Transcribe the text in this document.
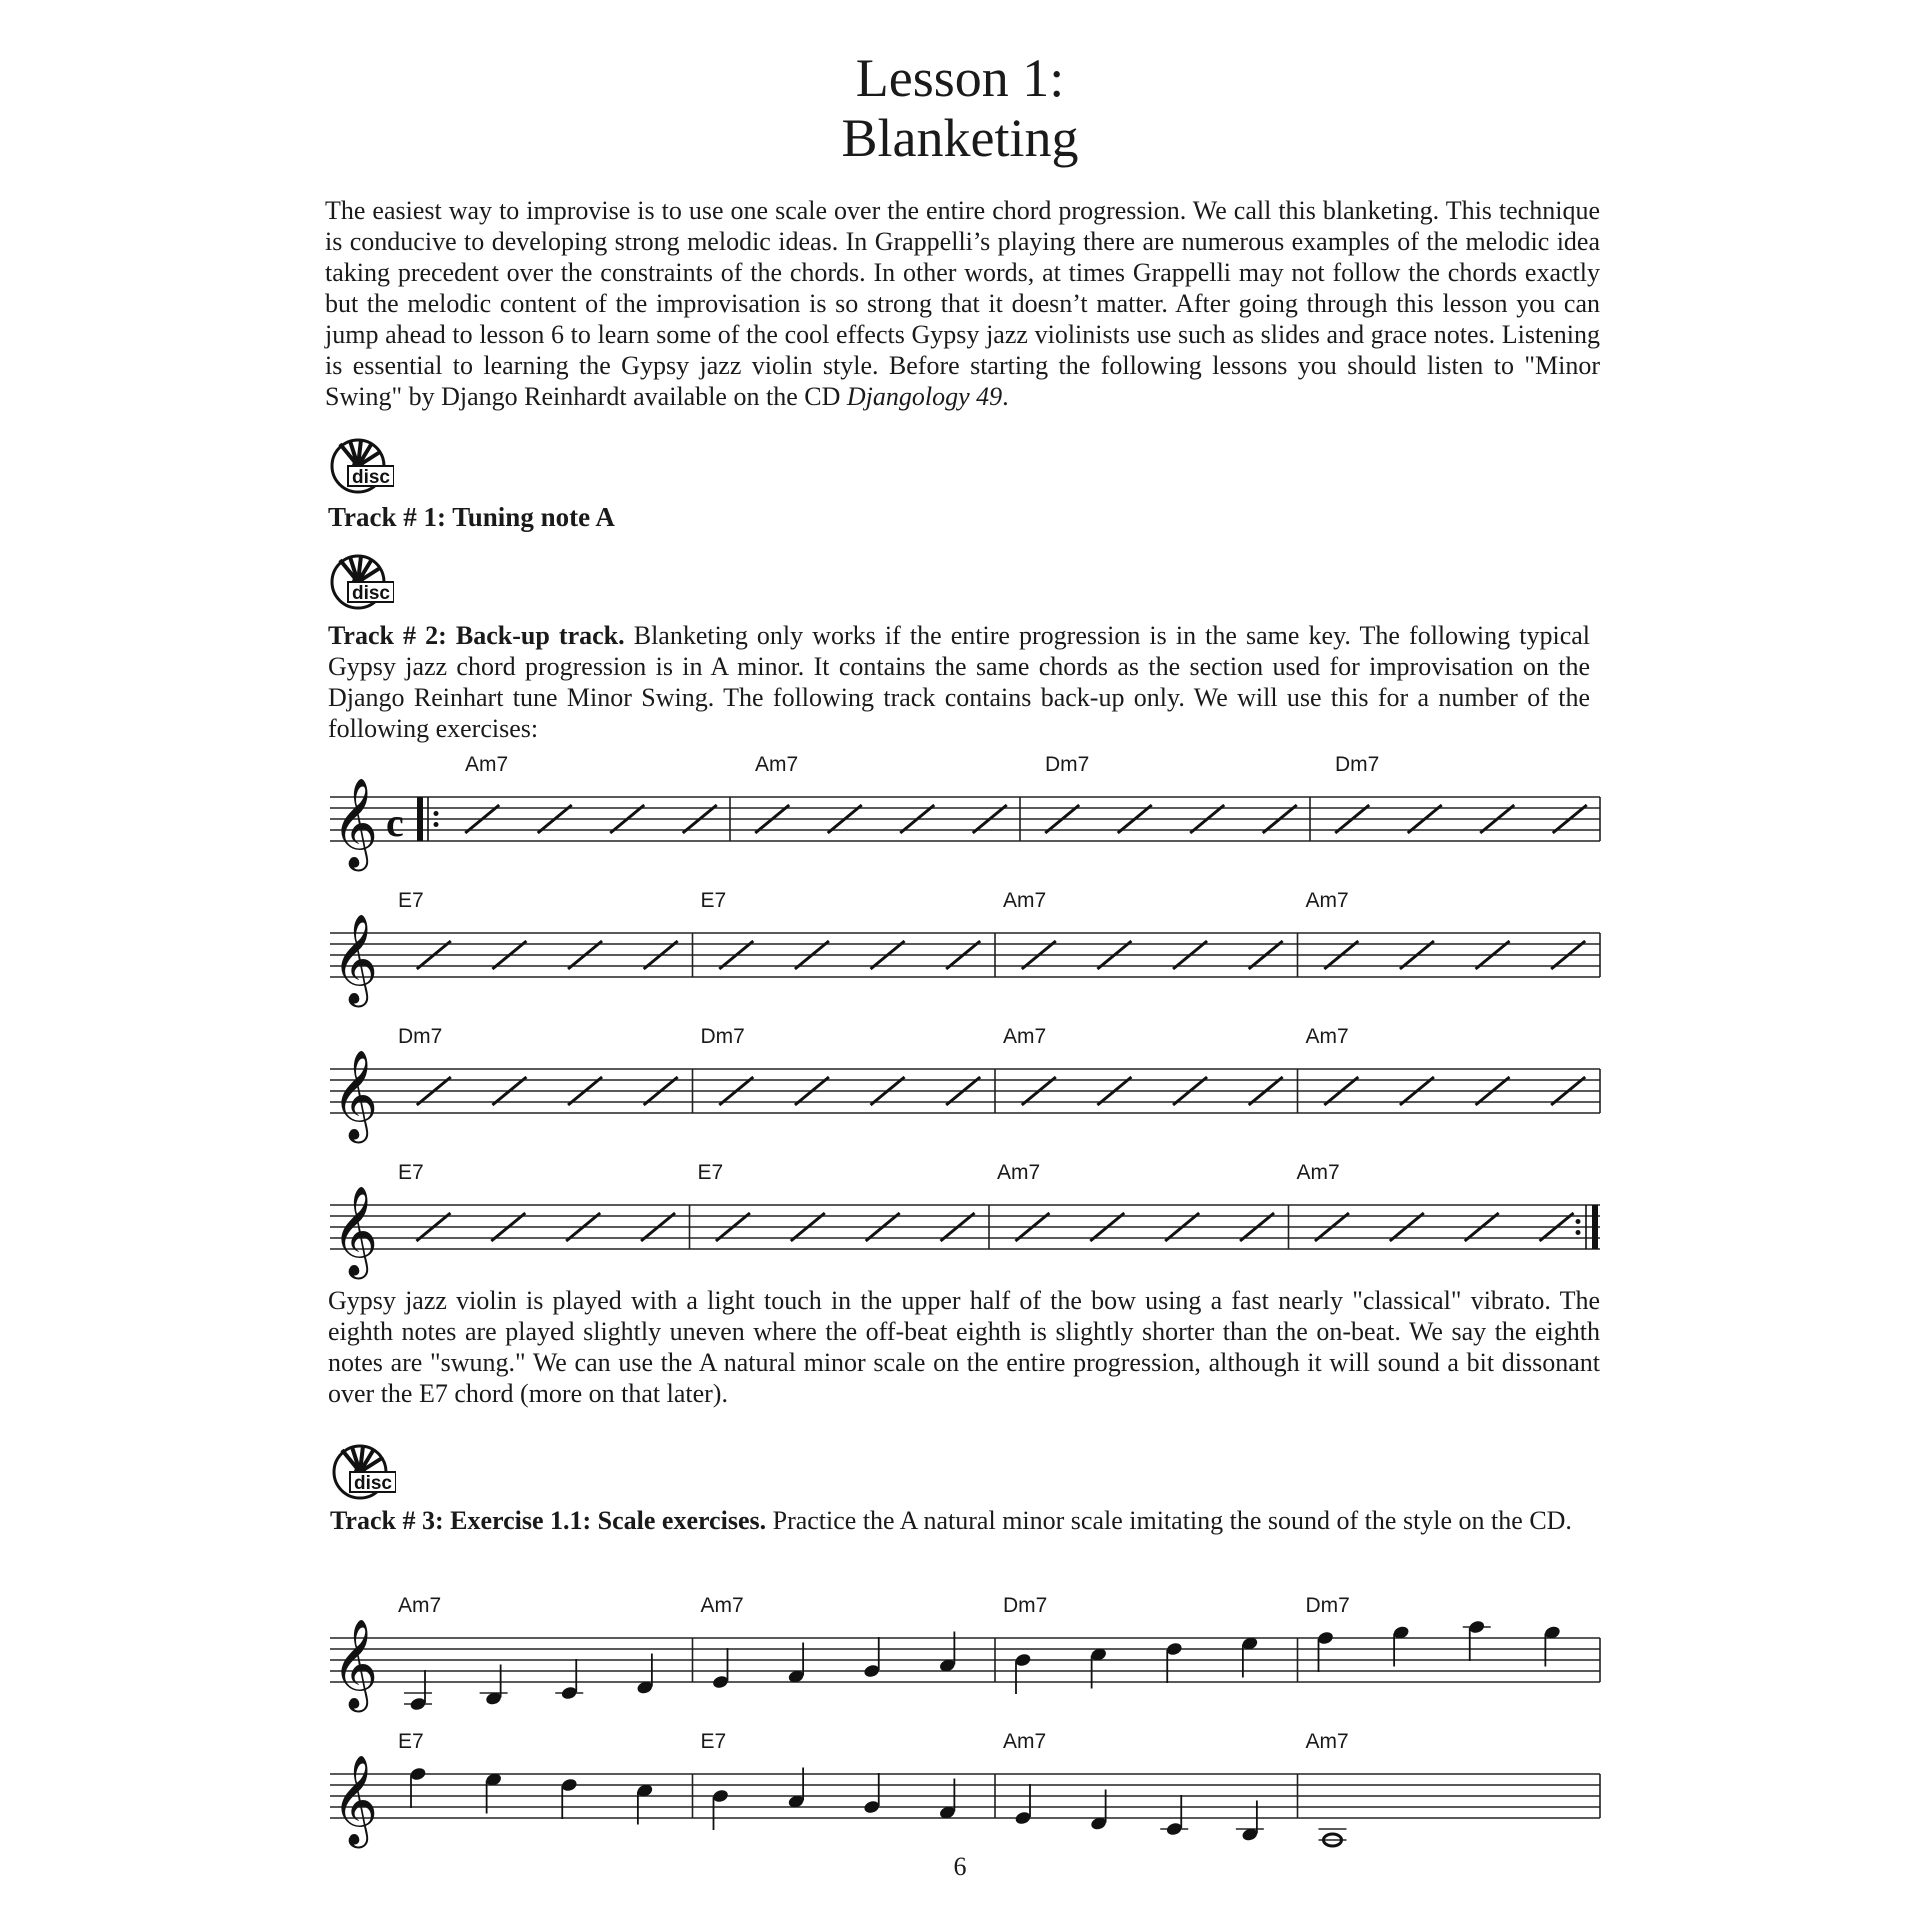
Lesson 1:
Blanketing
The easiest way to improvise is to use one scale over the entire chord progression. We call this blanketing. This technique is conducive to developing strong melodic ideas. In Grappelli’s playing there are numerous examples of the melodic idea taking precedent over the constraints of the chords. In other words, at times Grappelli may not follow the chords exactly but the melodic content of the improvisation is so strong that it doesn’t matter. After going through this lesson you can jump ahead to lesson 6 to learn some of the cool effects Gypsy jazz violinists use such as slides and grace notes. Listening is essential to learning the Gypsy jazz violin style. Before starting the following lessons you should listen to "Minor Swing" by Django Reinhardt available on the CD Djangology 49.
disc
Track # 1: Tuning note A
disc
Track # 2: Back-up track. Blanketing only works if the entire progression is in the same key. The following typical Gypsy jazz chord progression is in A minor. It contains the same chords as the section used for improvisation on the Django Reinhart tune Minor Swing. The following track contains back-up only. We will use this for a number of the following exercises:
Gypsy jazz violin is played with a light touch in the upper half of the bow using a fast nearly "classical" vibrato. The eighth notes are played slightly uneven where the off-beat eighth is slightly shorter than the on-beat. We say the eighth notes are "swung." We can use the A natural minor scale on the entire progression, although it will sound a bit dissonant over the E7 chord (more on that later).
disc
Track # 3: Exercise 1.1: Scale exercises. Practice the A natural minor scale imitating the sound of the style on the CD.
𝄞 c
Am7	Am7	Dm7	Dm7
𝄞
E7	E7	Am7	Am7
𝄞
Dm7	Dm7	Am7	Am7
𝄞
E7	E7	Am7	Am7
𝄞
Am7	Am7	Dm7	Dm7
𝄞
E7	E7	Am7	Am7
6
